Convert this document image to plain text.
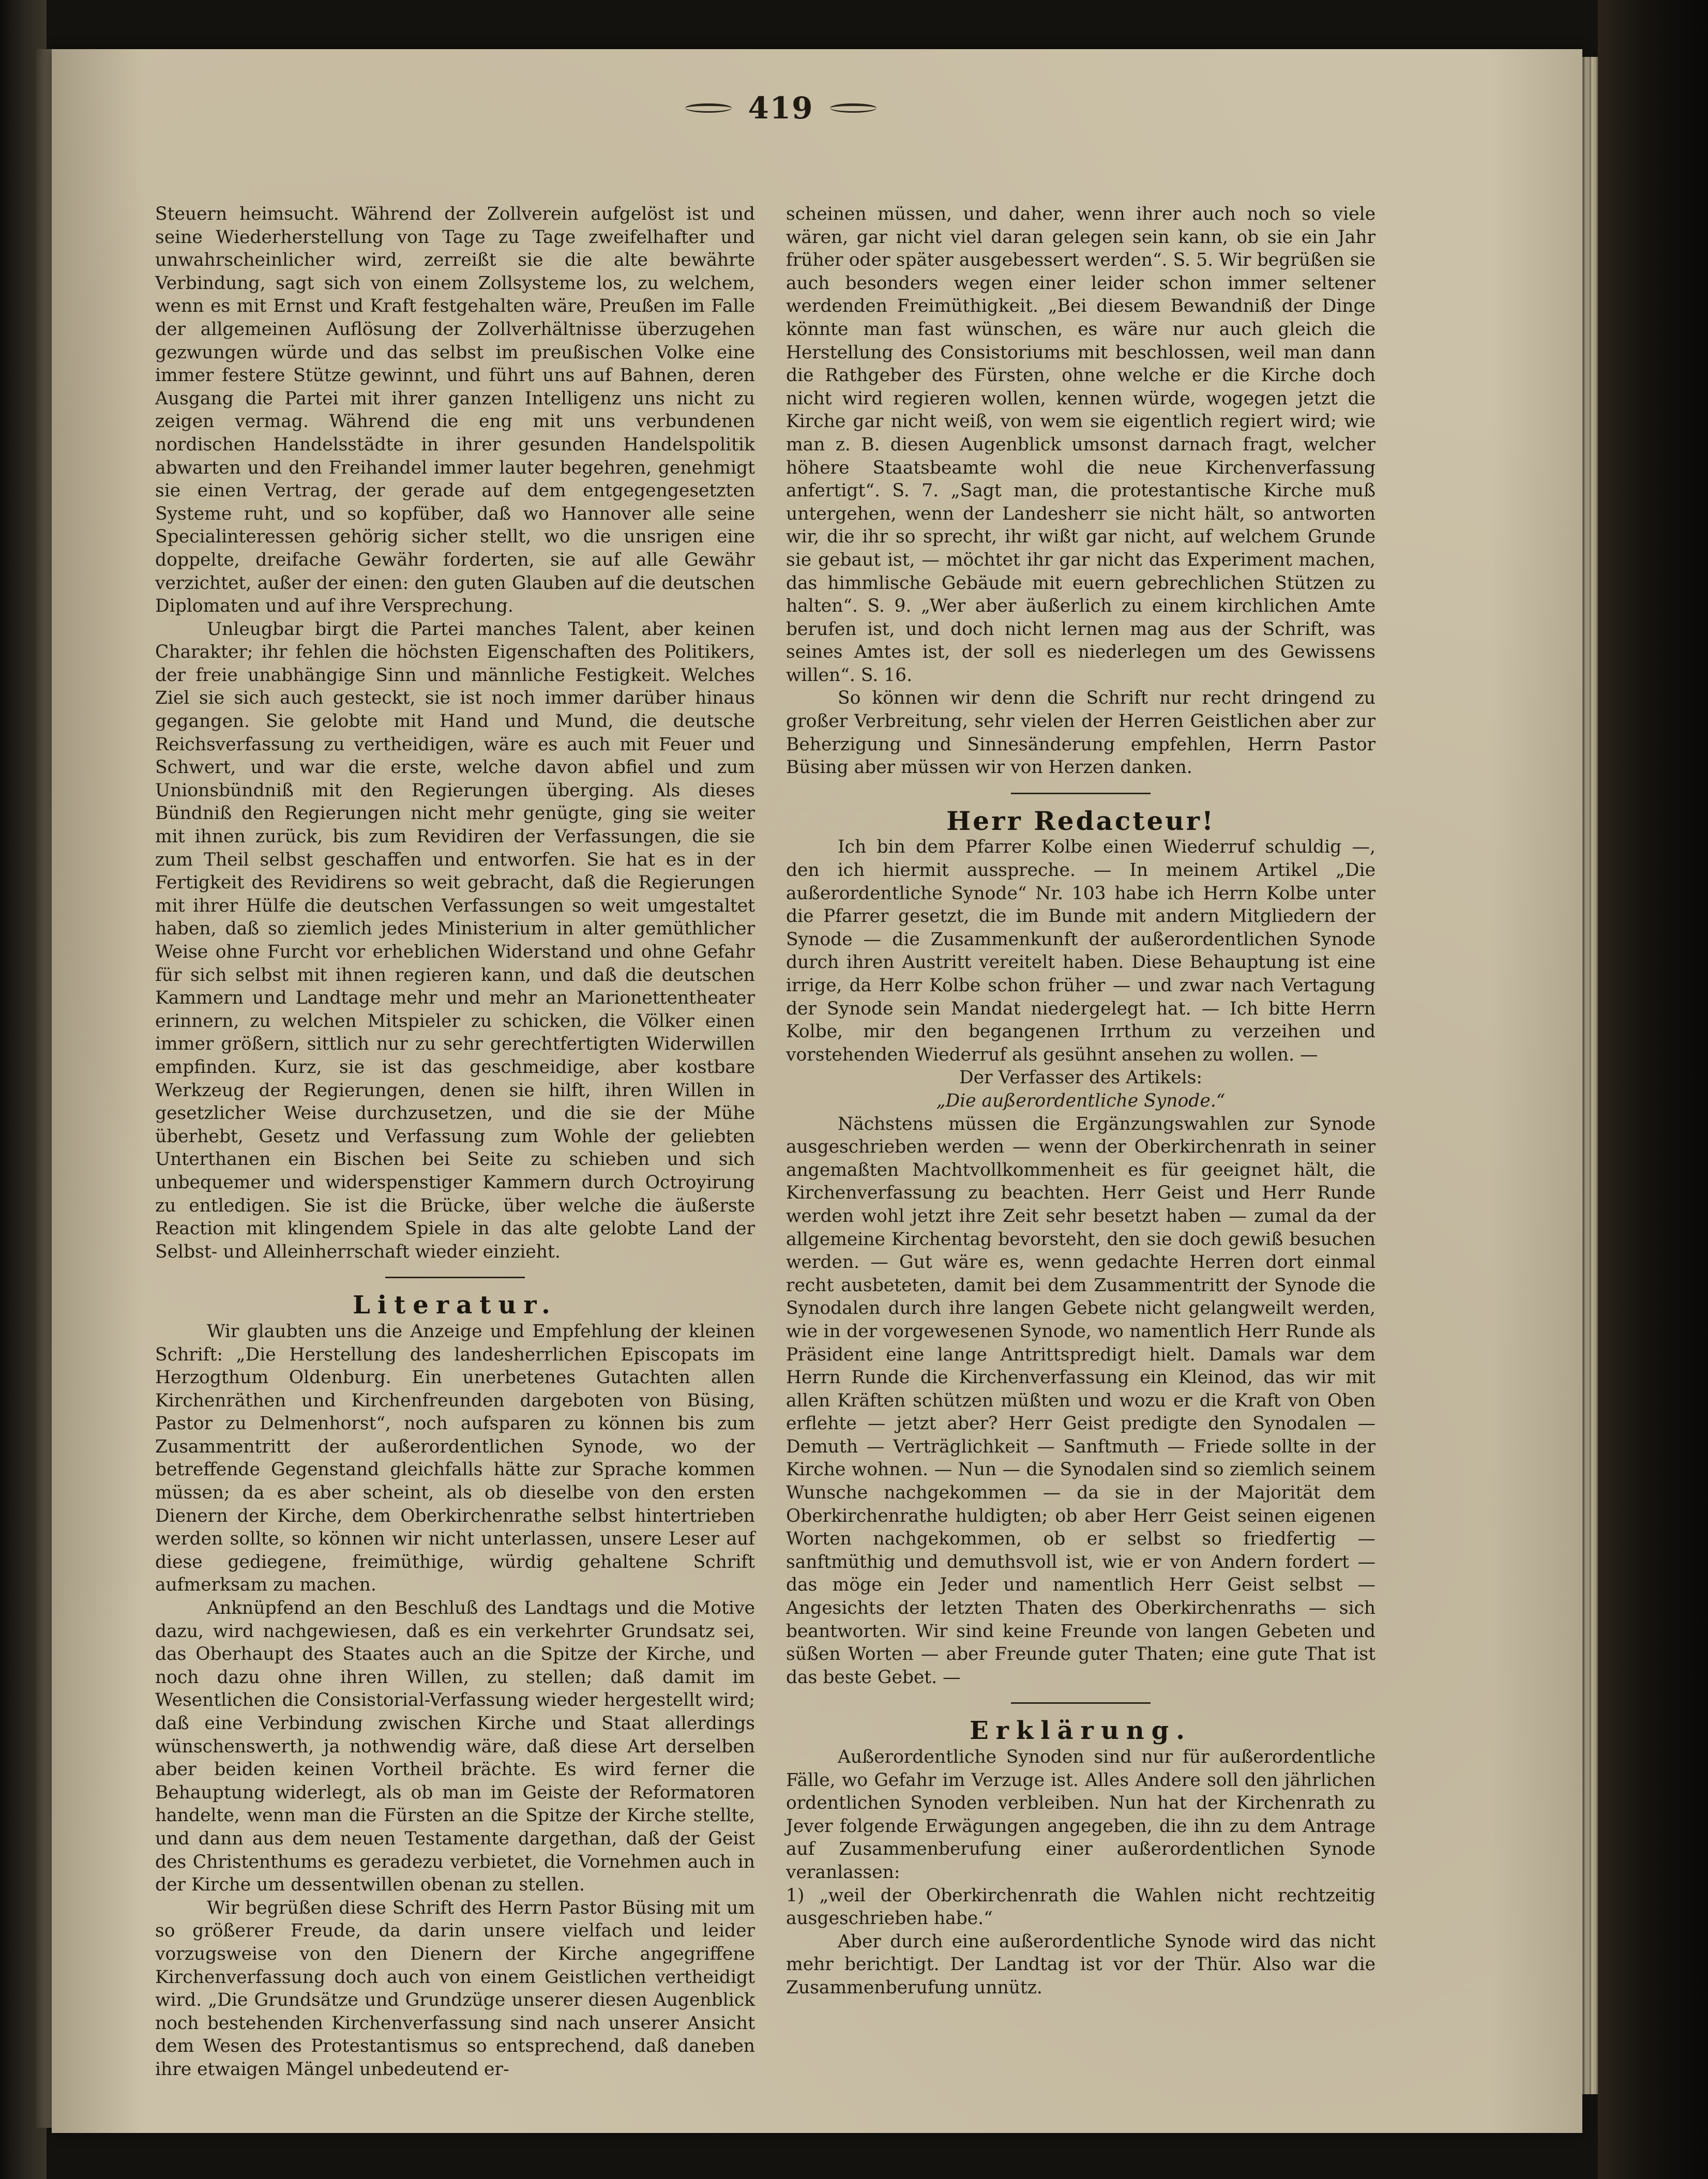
419

Steuern heimsucht. Während der Zollverein aufgelöst ist und seine Wiederherstellung von Tage zu Tage zweifelhafter und unwahrscheinlicher wird, zerreißt sie die alte bewährte Verbindung, sagt sich von einem Zollsysteme los, zu welchem, wenn es mit Ernst und Kraft festgehalten wäre, Preußen im Falle der allgemeinen Auflösung der Zollverhältnisse überzugehen gezwungen würde und das selbst im preußischen Volke eine immer festere Stütze gewinnt, und führt uns auf Bahnen, deren Ausgang die Partei mit ihrer ganzen Intelligenz uns nicht zu zeigen vermag. Während die eng mit uns verbundenen nordischen Handelsstädte in ihrer gesunden Handelspolitik abwarten und den Freihandel immer lauter begehren, genehmigt sie einen Vertrag, der gerade auf dem entgegengesetzten Systeme ruht, und so kopfüber, daß wo Hannover alle seine Specialinteressen gehörig sicher stellt, wo die unsrigen eine doppelte, dreifache Gewähr forderten, sie auf alle Gewähr verzichtet, außer der einen: den guten Glauben auf die deutschen Diplomaten und auf ihre Versprechung.

Unleugbar birgt die Partei manches Talent, aber keinen Charakter; ihr fehlen die höchsten Eigenschaften des Politikers, der freie unabhängige Sinn und männliche Festigkeit. Welches Ziel sie sich auch gesteckt, sie ist noch immer darüber hinaus gegangen. Sie gelobte mit Hand und Mund, die deutsche Reichsverfassung zu vertheidigen, wäre es auch mit Feuer und Schwert, und war die erste, welche davon abfiel und zum Unionsbündniß mit den Regierungen überging. Als dieses Bündniß den Regierungen nicht mehr genügte, ging sie weiter mit ihnen zurück, bis zum Revidiren der Verfassungen, die sie zum Theil selbst geschaffen und entworfen. Sie hat es in der Fertigkeit des Revidirens so weit gebracht, daß die Regierungen mit ihrer Hülfe die deutschen Verfassungen so weit umgestaltet haben, daß so ziemlich jedes Ministerium in alter gemüthlicher Weise ohne Furcht vor erheblichen Widerstand und ohne Gefahr für sich selbst mit ihnen regieren kann, und daß die deutschen Kammern und Landtage mehr und mehr an Marionettentheater erinnern, zu welchen Mitspieler zu schicken, die Völker einen immer größern, sittlich nur zu sehr gerechtfertigten Widerwillen empfinden. Kurz, sie ist das geschmeidige, aber kostbare Werkzeug der Regierungen, denen sie hilft, ihren Willen in gesetzlicher Weise durchzusetzen, und die sie der Mühe überhebt, Gesetz und Verfassung zum Wohle der geliebten Unterthanen ein Bischen bei Seite zu schieben und sich unbequemer und widerspenstiger Kammern durch Octroyirung zu entledigen. Sie ist die Brücke, über welche die äußerste Reaction mit klingendem Spiele in das alte gelobte Land der Selbst- und Alleinherrschaft wieder einzieht.

Literatur.

Wir glaubten uns die Anzeige und Empfehlung der kleinen Schrift: „Die Herstellung des landesherrlichen Episcopats im Herzogthum Oldenburg. Ein unerbetenes Gutachten allen Kirchenräthen und Kirchenfreunden dargeboten von Büsing, Pastor zu Delmenhorst“, noch aufsparen zu können bis zum Zusammentritt der außerordentlichen Synode, wo der betreffende Gegenstand gleichfalls hätte zur Sprache kommen müssen; da es aber scheint, als ob dieselbe von den ersten Dienern der Kirche, dem Oberkirchenrathe selbst hintertrieben werden sollte, so können wir nicht unterlassen, unsere Leser auf diese gediegene, freimüthige, würdig gehaltene Schrift aufmerksam zu machen.

Anknüpfend an den Beschluß des Landtags und die Motive dazu, wird nachgewiesen, daß es ein verkehrter Grundsatz sei, das Oberhaupt des Staates auch an die Spitze der Kirche, und noch dazu ohne ihren Willen, zu stellen; daß damit im Wesentlichen die Consistorial-Verfassung wieder hergestellt wird; daß eine Verbindung zwischen Kirche und Staat allerdings wünschenswerth, ja nothwendig wäre, daß diese Art derselben aber beiden keinen Vortheil brächte. Es wird ferner die Behauptung widerlegt, als ob man im Geiste der Reformatoren handelte, wenn man die Fürsten an die Spitze der Kirche stellte, und dann aus dem neuen Testamente dargethan, daß der Geist des Christenthums es geradezu verbietet, die Vornehmen auch in der Kirche um dessentwillen obenan zu stellen.

Wir begrüßen diese Schrift des Herrn Pastor Büsing mit um so größerer Freude, da darin unsere vielfach und leider vorzugsweise von den Dienern der Kirche angegriffene Kirchenverfassung doch auch von einem Geistlichen vertheidigt wird. „Die Grundsätze und Grundzüge unserer diesen Augenblick noch bestehenden Kirchenverfassung sind nach unserer Ansicht dem Wesen des Protestantismus so entsprechend, daß daneben ihre etwaigen Mängel unbedeutend er-

scheinen müssen, und daher, wenn ihrer auch noch so viele wären, gar nicht viel daran gelegen sein kann, ob sie ein Jahr früher oder später ausgebessert werden“. S. 5. Wir begrüßen sie auch besonders wegen einer leider schon immer seltener werdenden Freimüthigkeit. „Bei diesem Bewandniß der Dinge könnte man fast wünschen, es wäre nur auch gleich die Herstellung des Consistoriums mit beschlossen, weil man dann die Rathgeber des Fürsten, ohne welche er die Kirche doch nicht wird regieren wollen, kennen würde, wogegen jetzt die Kirche gar nicht weiß, von wem sie eigentlich regiert wird; wie man z. B. diesen Augenblick umsonst darnach fragt, welcher höhere Staatsbeamte wohl die neue Kirchenverfassung anfertigt“. S. 7. „Sagt man, die protestantische Kirche muß untergehen, wenn der Landesherr sie nicht hält, so antworten wir, die ihr so sprecht, ihr wißt gar nicht, auf welchem Grunde sie gebaut ist, — möchtet ihr gar nicht das Experiment machen, das himmlische Gebäude mit euern gebrechlichen Stützen zu halten“. S. 9. „Wer aber äußerlich zu einem kirchlichen Amte berufen ist, und doch nicht lernen mag aus der Schrift, was seines Amtes ist, der soll es niederlegen um des Gewissens willen“. S. 16.

So können wir denn die Schrift nur recht dringend zu großer Verbreitung, sehr vielen der Herren Geistlichen aber zur Beherzigung und Sinnesänderung empfehlen, Herrn Pastor Büsing aber müssen wir von Herzen danken.

Herr Redacteur!

Ich bin dem Pfarrer Kolbe einen Wiederruf schuldig —, den ich hiermit ausspreche. — In meinem Artikel „Die außerordentliche Synode“ Nr. 103 habe ich Herrn Kolbe unter die Pfarrer gesetzt, die im Bunde mit andern Mitgliedern der Synode — die Zusammenkunft der außerordentlichen Synode durch ihren Austritt vereitelt haben. Diese Behauptung ist eine irrige, da Herr Kolbe schon früher — und zwar nach Vertagung der Synode sein Mandat niedergelegt hat. — Ich bitte Herrn Kolbe, mir den begangenen Irrthum zu verzeihen und vorstehenden Wiederruf als gesühnt ansehen zu wollen. —

Der Verfasser des Artikels:

„Die außerordentliche Synode.“

Nächstens müssen die Ergänzungswahlen zur Synode ausgeschrieben werden — wenn der Oberkirchenrath in seiner angemaßten Machtvollkommenheit es für geeignet hält, die Kirchenverfassung zu beachten. Herr Geist und Herr Runde werden wohl jetzt ihre Zeit sehr besetzt haben — zumal da der allgemeine Kirchentag bevorsteht, den sie doch gewiß besuchen werden. — Gut wäre es, wenn gedachte Herren dort einmal recht ausbeteten, damit bei dem Zusammentritt der Synode die Synodalen durch ihre langen Gebete nicht gelangweilt werden, wie in der vorgewesenen Synode, wo namentlich Herr Runde als Präsident eine lange Antrittspredigt hielt. Damals war dem Herrn Runde die Kirchenverfassung ein Kleinod, das wir mit allen Kräften schützen müßten und wozu er die Kraft von Oben erflehte — jetzt aber? Herr Geist predigte den Synodalen — Demuth — Verträglichkeit — Sanftmuth — Friede sollte in der Kirche wohnen. — Nun — die Synodalen sind so ziemlich seinem Wunsche nachgekommen — da sie in der Majorität dem Oberkirchenrathe huldigten; ob aber Herr Geist seinen eigenen Worten nachgekommen, ob er selbst so friedfertig — sanftmüthig und demuthsvoll ist, wie er von Andern fordert — das möge ein Jeder und namentlich Herr Geist selbst — Angesichts der letzten Thaten des Oberkirchenraths — sich beantworten. Wir sind keine Freunde von langen Gebeten und süßen Worten — aber Freunde guter Thaten; eine gute That ist das beste Gebet. —

Erklärung.

Außerordentliche Synoden sind nur für außerordentliche Fälle, wo Gefahr im Verzuge ist. Alles Andere soll den jährlichen ordentlichen Synoden verbleiben. Nun hat der Kirchenrath zu Jever folgende Erwägungen angegeben, die ihn zu dem Antrage auf Zusammenberufung einer außerordentlichen Synode veranlassen:

1) „weil der Oberkirchenrath die Wahlen nicht rechtzeitig ausgeschrieben habe.“

Aber durch eine außerordentliche Synode wird das nicht mehr berichtigt. Der Landtag ist vor der Thür. Also war die Zusammenberufung unnütz.
